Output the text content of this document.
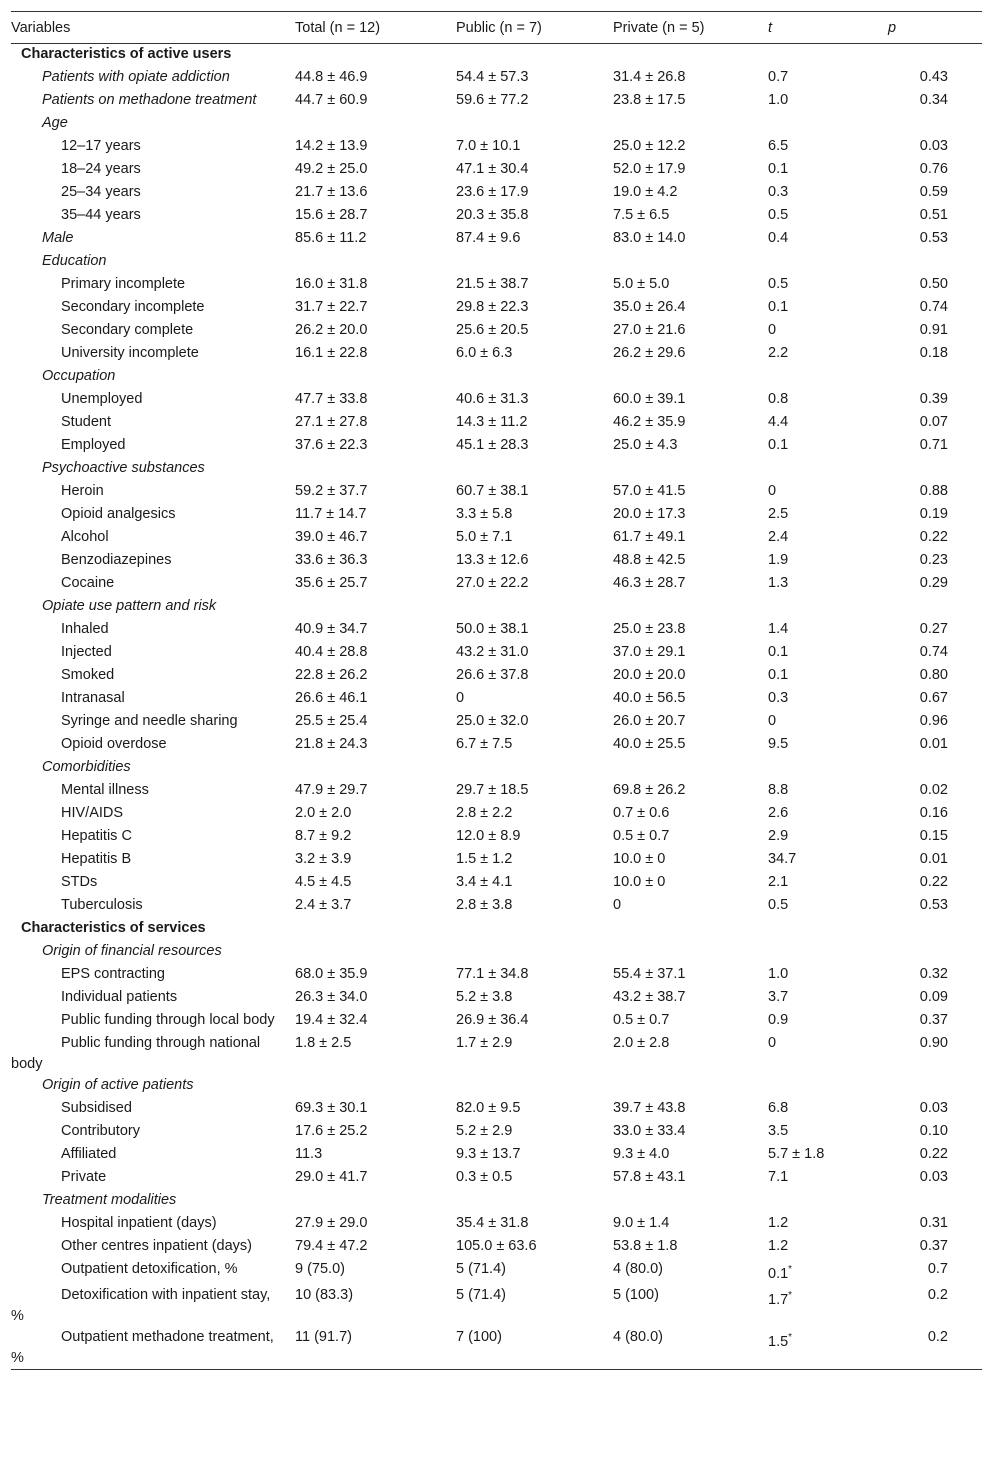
Variables	Total (n = 12)	Public (n = 7)	Private (n = 5)	t	p
Characteristics of active users					
Patients with opiate addiction	44.8 ± 46.9	54.4 ± 57.3	31.4 ± 26.8	0.7	0.43
Patients on methadone treatment	44.7 ± 60.9	59.6 ± 77.2	23.8 ± 17.5	1.0	0.34
Age					
12–17 years	14.2 ± 13.9	7.0 ± 10.1	25.0 ± 12.2	6.5	0.03
18–24 years	49.2 ± 25.0	47.1 ± 30.4	52.0 ± 17.9	0.1	0.76
25–34 years	21.7 ± 13.6	23.6 ± 17.9	19.0 ± 4.2	0.3	0.59
35–44 years	15.6 ± 28.7	20.3 ± 35.8	7.5 ± 6.5	0.5	0.51
Male	85.6 ± 11.2	87.4 ± 9.6	83.0 ± 14.0	0.4	0.53
Education					
Primary incomplete	16.0 ± 31.8	21.5 ± 38.7	5.0 ± 5.0	0.5	0.50
Secondary incomplete	31.7 ± 22.7	29.8 ± 22.3	35.0 ± 26.4	0.1	0.74
Secondary complete	26.2 ± 20.0	25.6 ± 20.5	27.0 ± 21.6	0	0.91
University incomplete	16.1 ± 22.8	6.0 ± 6.3	26.2 ± 29.6	2.2	0.18
Occupation					
Unemployed	47.7 ± 33.8	40.6 ± 31.3	60.0 ± 39.1	0.8	0.39
Student	27.1 ± 27.8	14.3 ± 11.2	46.2 ± 35.9	4.4	0.07
Employed	37.6 ± 22.3	45.1 ± 28.3	25.0 ± 4.3	0.1	0.71
Psychoactive substances					
Heroin	59.2 ± 37.7	60.7 ± 38.1	57.0 ± 41.5	0	0.88
Opioid analgesics	11.7 ± 14.7	3.3 ± 5.8	20.0 ± 17.3	2.5	0.19
Alcohol	39.0 ± 46.7	5.0 ± 7.1	61.7 ± 49.1	2.4	0.22
Benzodiazepines	33.6 ± 36.3	13.3 ± 12.6	48.8 ± 42.5	1.9	0.23
Cocaine	35.6 ± 25.7	27.0 ± 22.2	46.3 ± 28.7	1.3	0.29
Opiate use pattern and risk					
Inhaled	40.9 ± 34.7	50.0 ± 38.1	25.0 ± 23.8	1.4	0.27
Injected	40.4 ± 28.8	43.2 ± 31.0	37.0 ± 29.1	0.1	0.74
Smoked	22.8 ± 26.2	26.6 ± 37.8	20.0 ± 20.0	0.1	0.80
Intranasal	26.6 ± 46.1	0	40.0 ± 56.5	0.3	0.67
Syringe and needle sharing	25.5 ± 25.4	25.0 ± 32.0	26.0 ± 20.7	0	0.96
Opioid overdose	21.8 ± 24.3	6.7 ± 7.5	40.0 ± 25.5	9.5	0.01
Comorbidities					
Mental illness	47.9 ± 29.7	29.7 ± 18.5	69.8 ± 26.2	8.8	0.02
HIV/AIDS	2.0 ± 2.0	2.8 ± 2.2	0.7 ± 0.6	2.6	0.16
Hepatitis C	8.7 ± 9.2	12.0 ± 8.9	0.5 ± 0.7	2.9	0.15
Hepatitis B	3.2 ± 3.9	1.5 ± 1.2	10.0 ± 0	34.7	0.01
STDs	4.5 ± 4.5	3.4 ± 4.1	10.0 ± 0	2.1	0.22
Tuberculosis	2.4 ± 3.7	2.8 ± 3.8	0	0.5	0.53
Characteristics of services					
Origin of financial resources					
EPS contracting	68.0 ± 35.9	77.1 ± 34.8	55.4 ± 37.1	1.0	0.32
Individual patients	26.3 ± 34.0	5.2 ± 3.8	43.2 ± 38.7	3.7	0.09

Public funding through local body	19.4 ± 32.4	26.9 ± 36.4	0.5 ± 0.7	0.9	0.37

Public funding through national body	1.8 ± 2.5	1.7 ± 2.9	2.0 ± 2.8	0	0.90
Origin of active patients					
Subsidised	69.3 ± 30.1	82.0 ± 9.5	39.7 ± 43.8	6.8	0.03
Contributory	17.6 ± 25.2	5.2 ± 2.9	33.0 ± 33.4	3.5	0.10
Affiliated	11.3	9.3 ± 13.7	9.3 ± 4.0	5.7 ± 1.8	0.22
Private	29.0 ± 41.7	0.3 ± 0.5	57.8 ± 43.1	7.1	0.03
Treatment modalities					
Hospital inpatient (days)	27.9 ± 29.0	35.4 ± 31.8	9.0 ± 1.4	1.2	0.31

Other centres inpatient (days)	79.4 ± 47.2	105.0 ± 63.6	53.8 ± 1.8	1.2	0.37
Outpatient detoxification, %	9 (75.0)	5 (71.4)	4 (80.0)	0.1*	0.7

Detoxification with inpatient stay, %	10 (83.3)	5 (71.4)	5 (100)	1.7*	0.2

Outpatient methadone treatment, %	11 (91.7)	7 (100)	4 (80.0)	1.5*	0.2
